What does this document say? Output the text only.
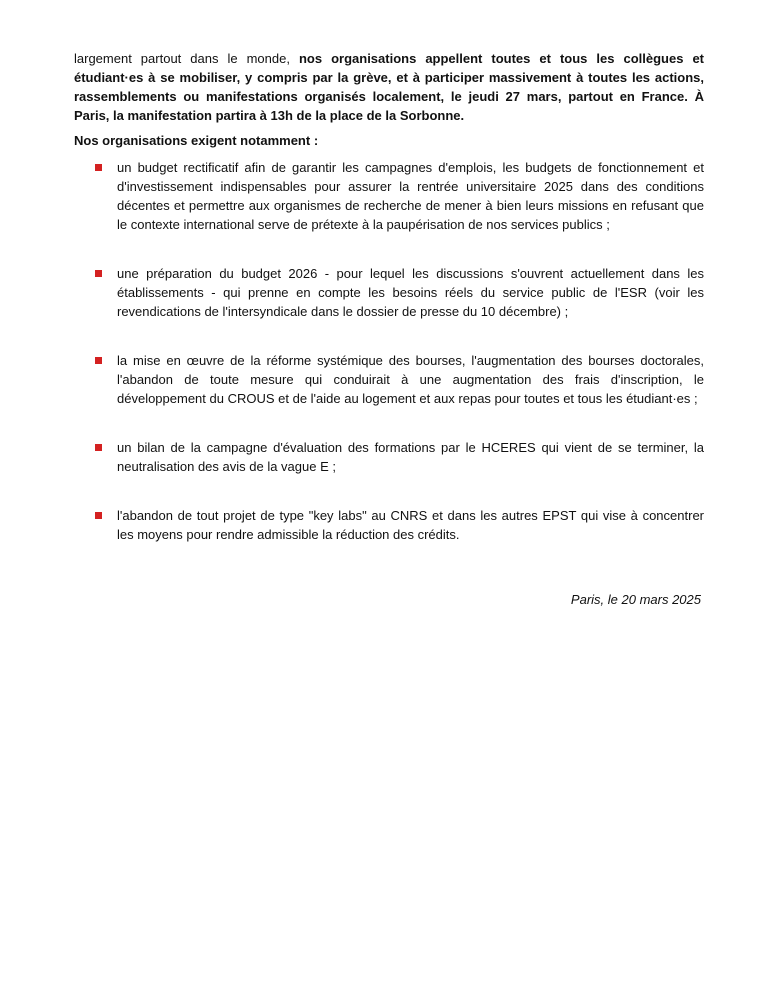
largement partout dans le monde, nos organisations appellent toutes et tous les collègues et étudiant·es à se mobiliser, y compris par la grève, et à participer massivement à toutes les actions, rassemblements ou manifestations organisés localement, le jeudi 27 mars, partout en France. À Paris, la manifestation partira à 13h de la place de la Sorbonne.

Nos organisations exigent notamment :

un budget rectificatif afin de garantir les campagnes d'emplois, les budgets de fonctionnement et d'investissement indispensables pour assurer la rentrée universitaire 2025 dans des conditions décentes et permettre aux organismes de recherche de mener à bien leurs missions en refusant que le contexte international serve de prétexte à la paupérisation de nos services publics ;
une préparation du budget 2026 - pour lequel les discussions s'ouvrent actuellement dans les établissements - qui prenne en compte les besoins réels du service public de l'ESR (voir les revendications de l'intersyndicale dans le dossier de presse du 10 décembre) ;
la mise en œuvre de la réforme systémique des bourses, l'augmentation des bourses doctorales, l'abandon de toute mesure qui conduirait à une augmentation des frais d'inscription, le développement du CROUS et de l'aide au logement et aux repas pour toutes et tous les étudiant·es ;
un bilan de la campagne d'évaluation des formations par le HCERES qui vient de se terminer, la neutralisation des avis de la vague E ;
l'abandon de tout projet de type "key labs" au CNRS et dans les autres EPST qui vise à concentrer les moyens pour rendre admissible la réduction des crédits.

Paris, le 20 mars 2025
